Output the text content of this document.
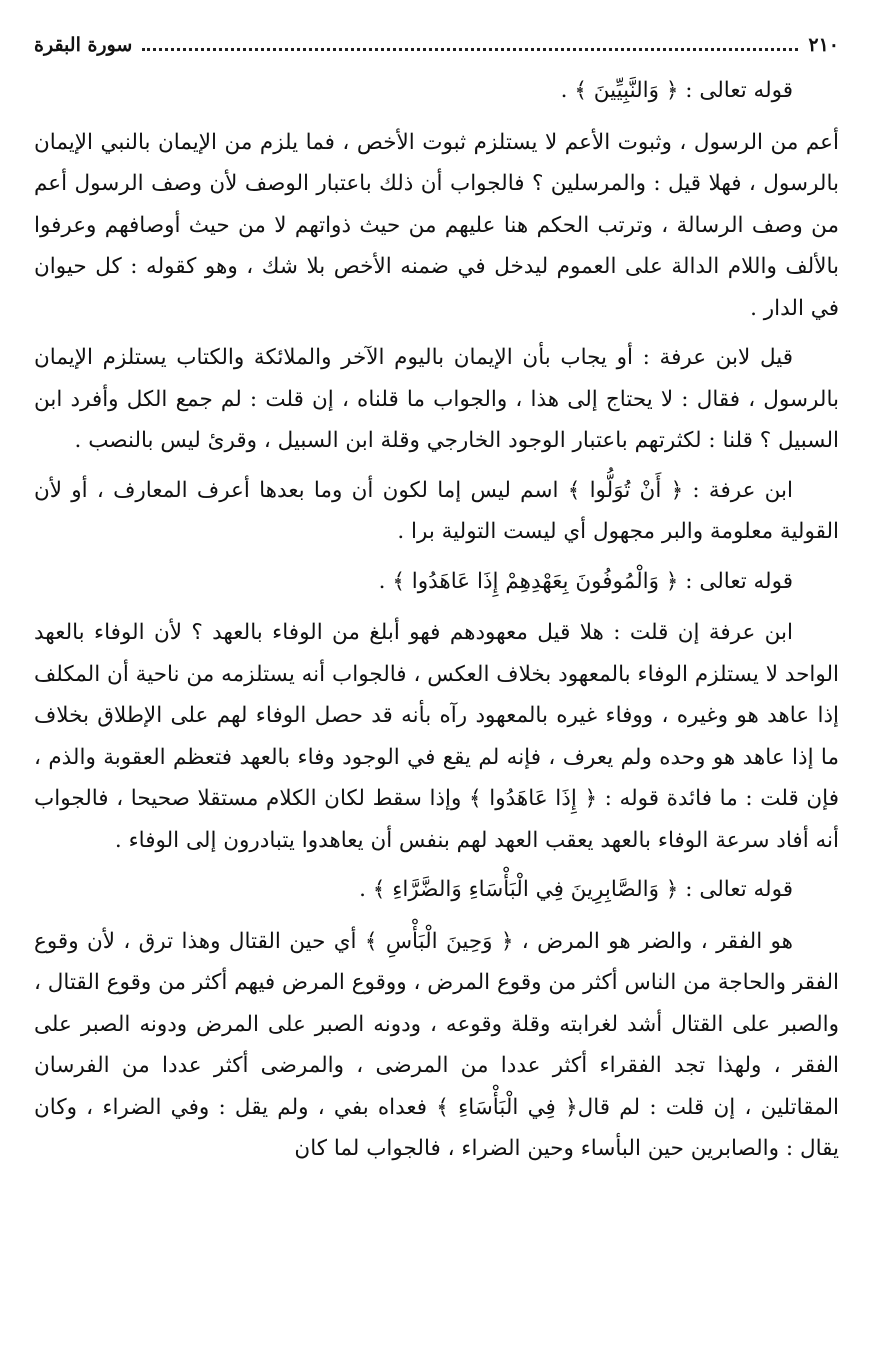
٢١٠
سورة البقرة

قوله تعالى : ﴿ وَالنَّبِيِّينَ ﴾ .

أعم من الرسول ، وثبوت الأعم لا يستلزم ثبوت الأخص ، فما يلزم من الإيمان بالنبي الإيمان بالرسول ، فهلا قيل : والمرسلين ؟ فالجواب أن ذلك باعتبار الوصف لأن وصف الرسول أعم من وصف الرسالة ، وترتب الحكم هنا عليهم من حيث ذواتهم لا من حيث أوصافهم وعرفوا بالألف واللام الدالة على العموم ليدخل في ضمنه الأخص بلا شك ، وهو كقوله : كل حيوان في الدار .

قيل لابن عرفة : أو يجاب بأن الإيمان باليوم الآخر والملائكة والكتاب يستلزم الإيمان بالرسول ، فقال : لا يحتاج إلى هذا ، والجواب ما قلناه ، إن قلت : لم جمع الكل وأفرد ابن السبيل ؟ قلنا : لكثرتهم باعتبار الوجود الخارجي وقلة ابن السبيل ، وقرئ ليس بالنصب .

ابن عرفة : ﴿ أَنْ تُوَلُّوا ﴾ اسم ليس إما لكون أن وما بعدها أعرف المعارف ، أو لأن القولية معلومة والبر مجهول أي ليست التولية برا .

قوله تعالى : ﴿ وَالْمُوفُونَ بِعَهْدِهِمْ إِذَا عَاهَدُوا ﴾ .

ابن عرفة إن قلت : هلا قيل معهودهم فهو أبلغ من الوفاء بالعهد ؟ لأن الوفاء بالعهد الواحد لا يستلزم الوفاء بالمعهود بخلاف العكس ، فالجواب أنه يستلزمه من ناحية أن المكلف إذا عاهد هو وغيره ، ووفاء غيره بالمعهود رآه بأنه قد حصل الوفاء لهم على الإطلاق بخلاف ما إذا عاهد هو وحده ولم يعرف ، فإنه لم يقع في الوجود وفاء بالعهد فتعظم العقوبة والذم ، فإن قلت : ما فائدة قوله : ﴿ إِذَا عَاهَدُوا ﴾ وإذا سقط لكان الكلام مستقلا صحيحا ، فالجواب أنه أفاد سرعة الوفاء بالعهد يعقب العهد لهم بنفس أن يعاهدوا يتبادرون إلى الوفاء .

قوله تعالى : ﴿ وَالصَّابِرِينَ فِي الْبَأْسَاءِ وَالضَّرَّاءِ ﴾ .

هو الفقر ، والضر هو المرض ، ﴿ وَحِينَ الْبَأْسِ ﴾ أي حين القتال وهذا ترق ، لأن وقوع الفقر والحاجة من الناس أكثر من وقوع المرض ، ووقوع المرض فيهم أكثر من وقوع القتال ، والصبر على القتال أشد لغرابته وقلة وقوعه ، ودونه الصبر على المرض ودونه الصبر على الفقر ، ولهذا تجد الفقراء أكثر عددا من المرضى ، والمرضى أكثر عددا من الفرسان المقاتلين ، إن قلت : لم قال﴿ فِي الْبَأْسَاءِ ﴾ فعداه بفي ، ولم يقل : وفي الضراء ، وكان يقال : والصابرين حين البأساء وحين الضراء ، فالجواب لما كان
